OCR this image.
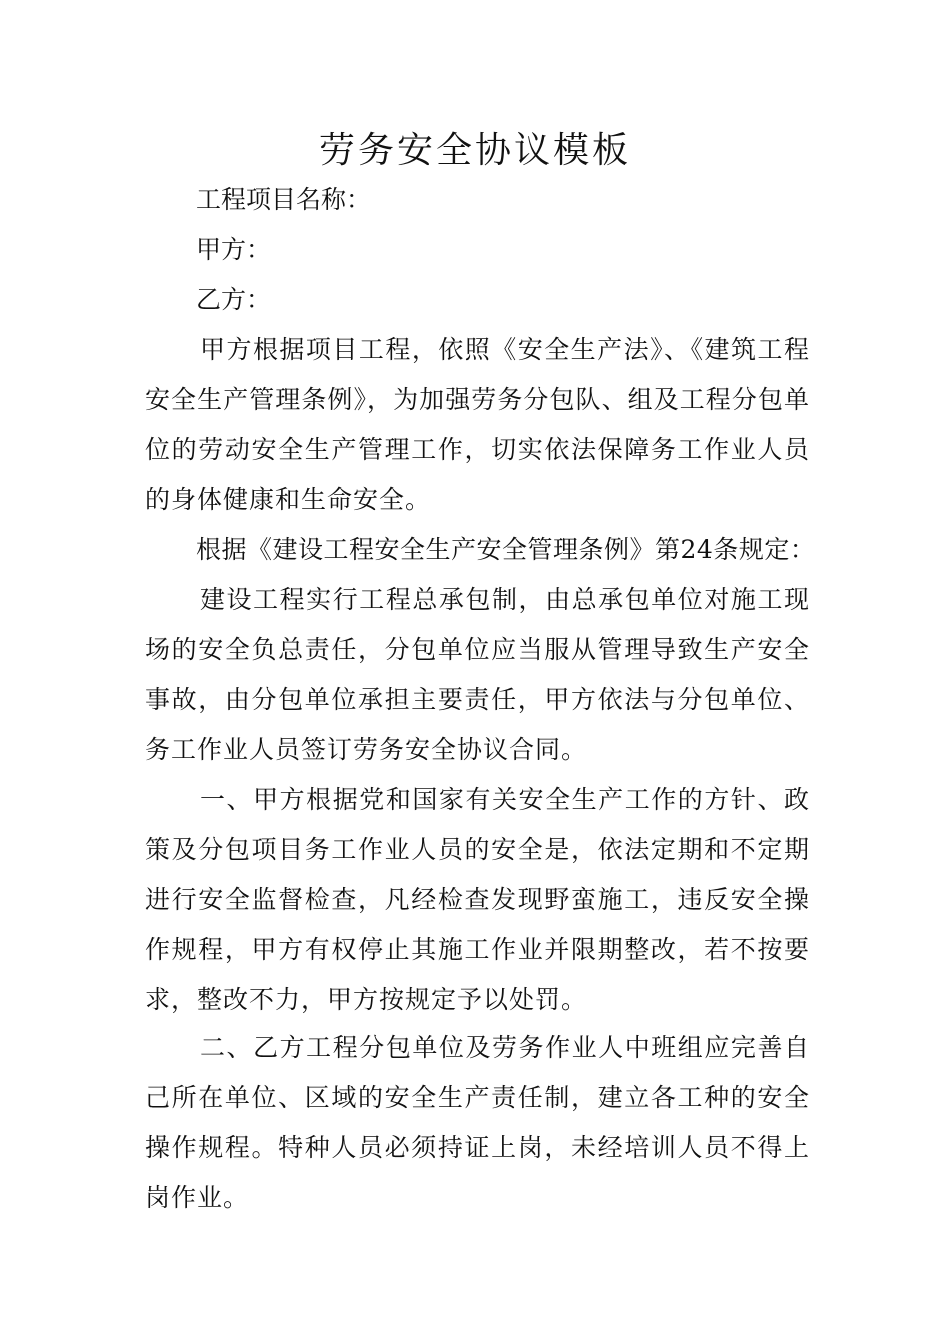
劳务安全协议模板

工程项目名称：

甲方：

乙方：

甲方根据项目工程，依照《安全生产法》、《建筑工程安全生产管理条例》，为加强劳务分包队、组及工程分包单位的劳动安全生产管理工作，切实依法保障务工作业人员的身体健康和生命安全。

根据《建设工程安全生产安全管理条例》第24条规定：

建设工程实行工程总承包制，由总承包单位对施工现场的安全负总责任，分包单位应当服从管理导致生产安全事故，由分包单位承担主要责任，甲方依法与分包单位、务工作业人员签订劳务安全协议合同。

一、甲方根据党和国家有关安全生产工作的方针、政策及分包项目务工作业人员的安全是，依法定期和不定期进行安全监督检查，凡经检查发现野蛮施工，违反安全操作规程，甲方有权停止其施工作业并限期整改，若不按要求，整改不力，甲方按规定予以处罚。

二、乙方工程分包单位及劳务作业人中班组应完善自己所在单位、区域的安全生产责任制，建立各工种的安全操作规程。特种人员必须持证上岗，未经培训人员不得上岗作业。
